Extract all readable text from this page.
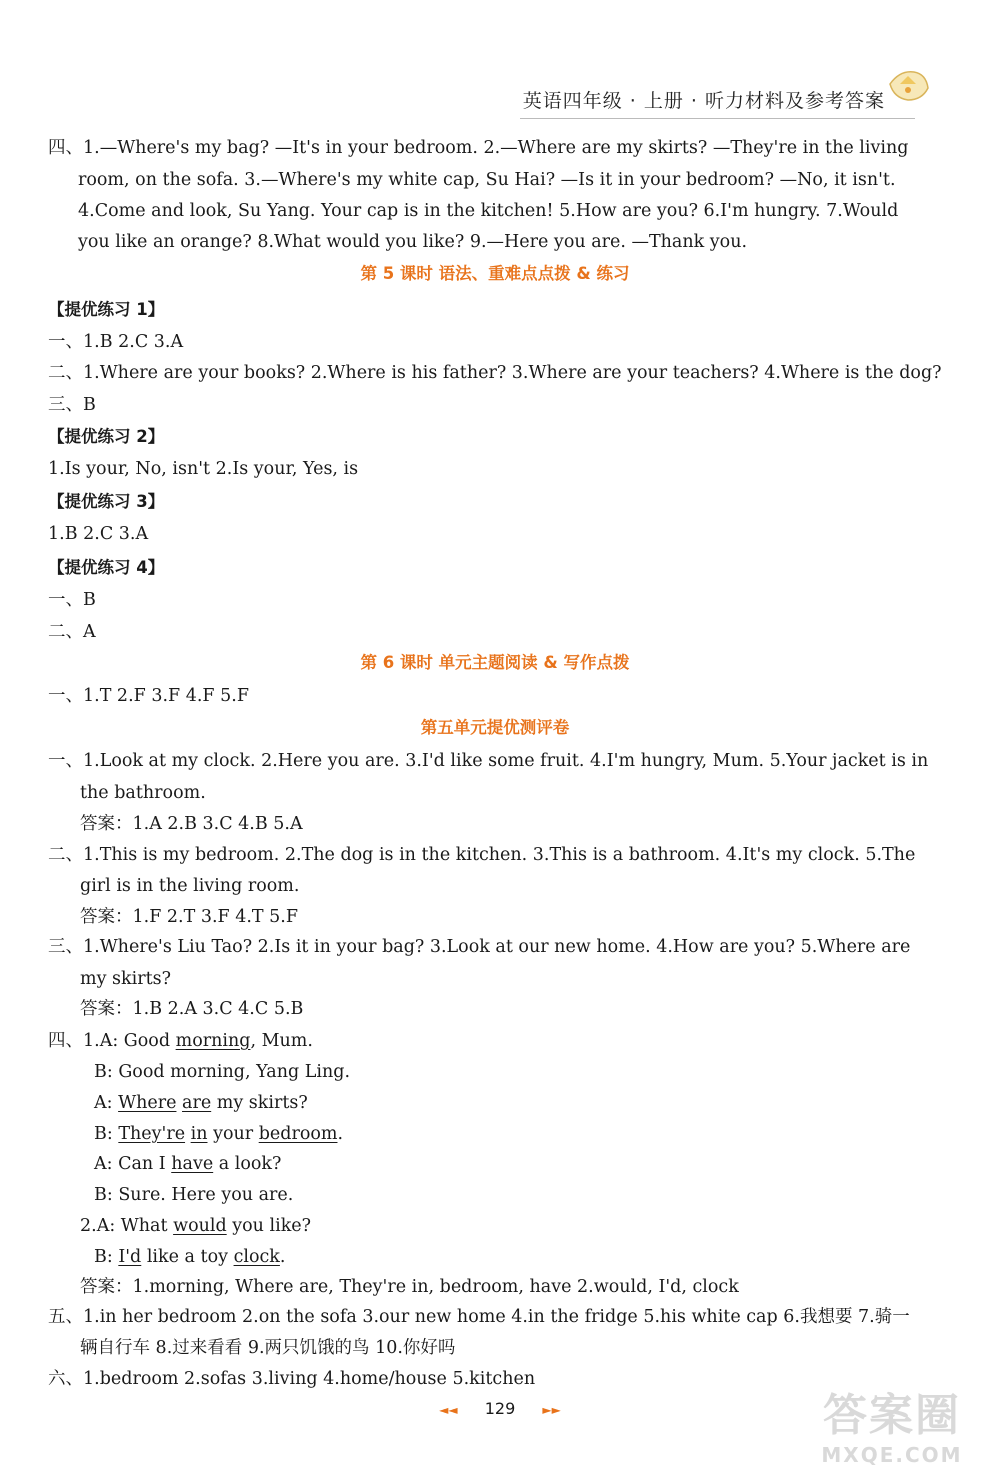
英语四年级 · 上册 · 听力材料及参考答案
四、1.—Where's my bag? —It's in your bedroom. 2.—Where are my skirts? —They're in the living
room, on the sofa. 3.—Where's my white cap, Su Hai? —Is it in your bedroom? —No, it isn't.
4.Come and look, Su Yang. Your cap is in the kitchen! 5.How are you? 6.I'm hungry. 7.Would
you like an orange? 8.What would you like? 9.—Here you are. —Thank you.
第 5 课时 语法、重难点点拨 & 练习
【提优练习 1】
一、1.B 2.C 3.A
二、1.Where are your books? 2.Where is his father? 3.Where are your teachers? 4.Where is the dog?
三、B
【提优练习 2】
1.Is your, No, isn't 2.Is your, Yes, is
【提优练习 3】
1.B 2.C 3.A
【提优练习 4】
一、B
二、A
第 6 课时 单元主题阅读 & 写作点拨
一、1.T 2.F 3.F 4.F 5.F
第五单元提优测评卷
一、1.Look at my clock. 2.Here you are. 3.I'd like some fruit. 4.I'm hungry, Mum. 5.Your jacket is in
the bathroom.
答案：1.A 2.B 3.C 4.B 5.A
二、1.This is my bedroom. 2.The dog is in the kitchen. 3.This is a bathroom. 4.It's my clock. 5.The
girl is in the living room.
答案：1.F 2.T 3.F 4.T 5.F
三、1.Where's Liu Tao? 2.Is it in your bag? 3.Look at our new home. 4.How are you? 5.Where are
my skirts?
答案：1.B 2.A 3.C 4.C 5.B
四、1.A: Good morning, Mum.
B: Good morning, Yang Ling.
A: Where are my skirts?
B: They're in your bedroom.
A: Can I have a look?
B: Sure. Here you are.
2.A: What would you like?
B: I'd like a toy clock.
答案：1.morning, Where are, They're in, bedroom, have 2.would, I'd, clock
五、1.in her bedroom 2.on the sofa 3.our new home 4.in the fridge 5.his white cap 6.我想要 7.骑一
辆自行车 8.过来看看 9.两只饥饿的鸟 10.你好吗
六、1.bedroom 2.sofas 3.living 4.home/house 5.kitchen
◄◄ 129 ►►	答案圈
MXQE.COM
